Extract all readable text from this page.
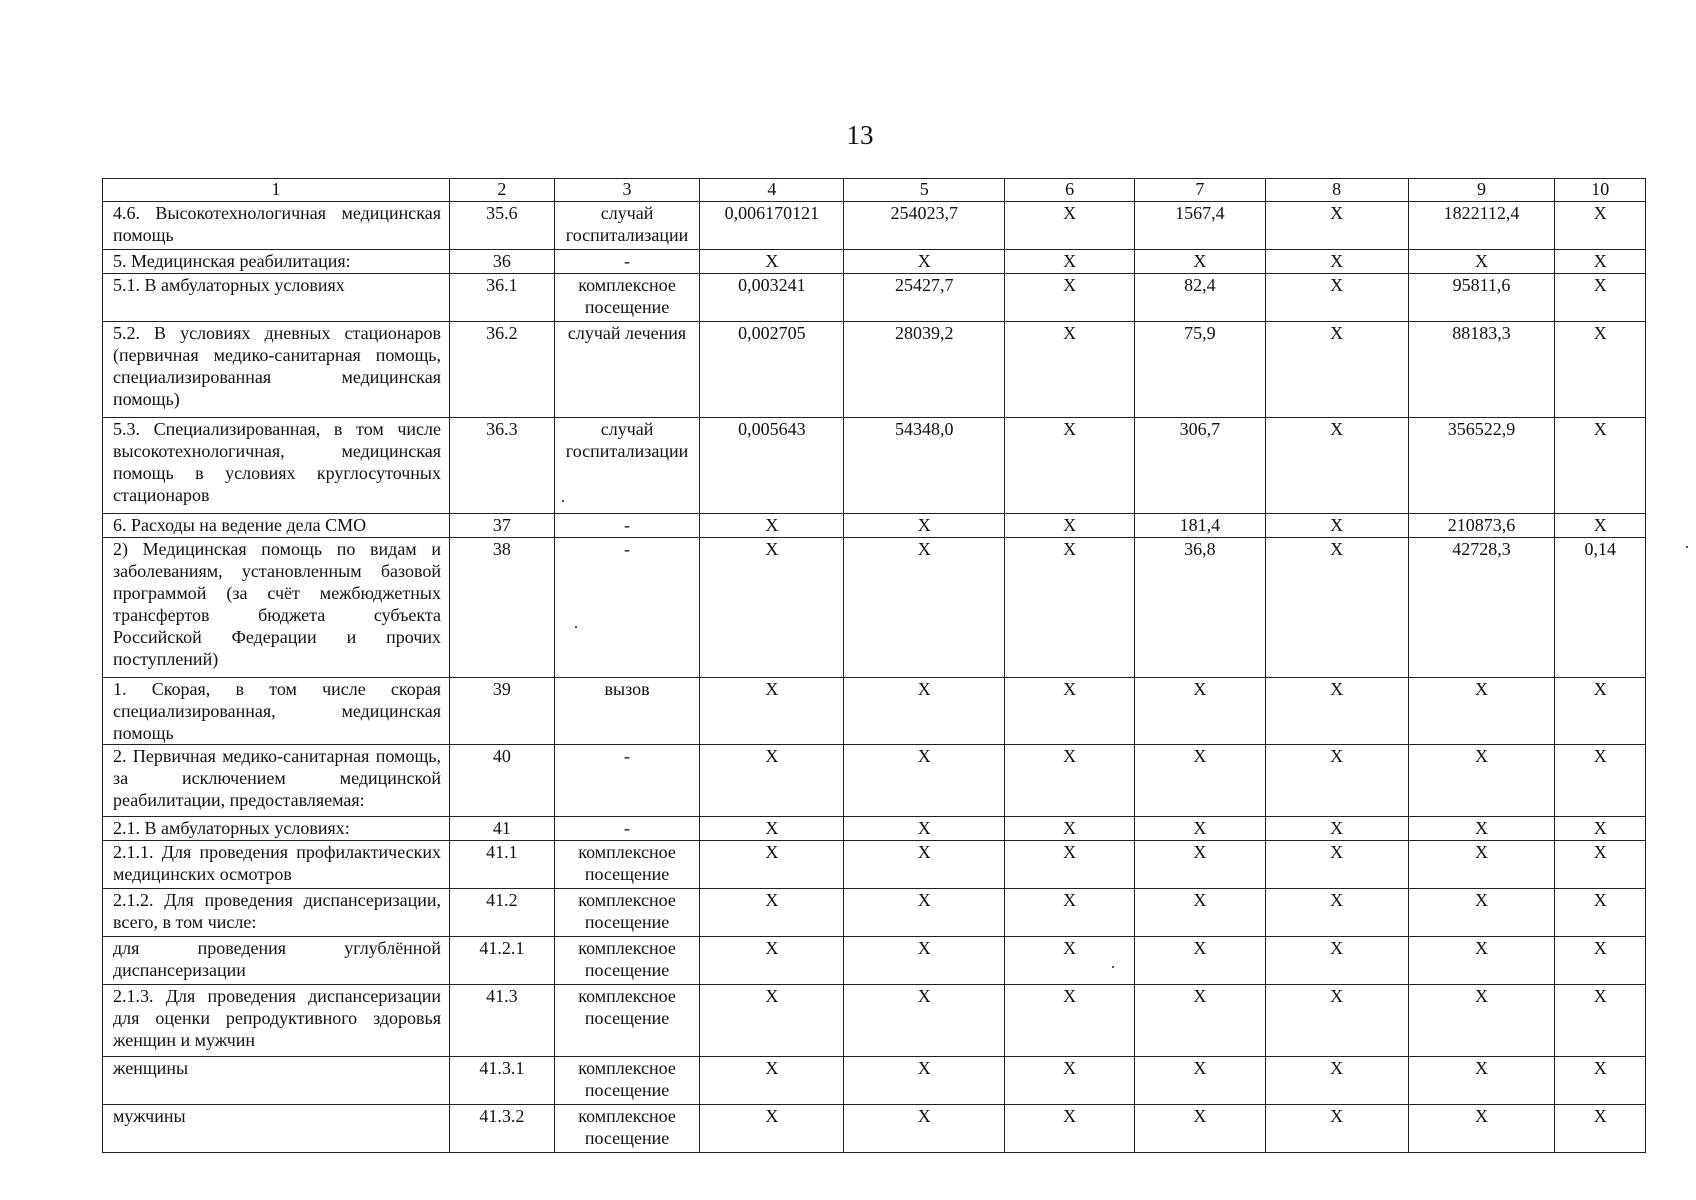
13
1	2	3	4	5	6	7	8	9	10
4.6. Высокотехнологичная медицинская помощь	35.6	случай госпитализации	0,006170121	254023,7	Х	1567,4	Х	1822112,4	Х
5. Медицинская реабилитация:	36	-	Х	Х	Х	Х	Х	Х	Х
5.1. В амбулаторных условиях	36.1	комплексное посещение	0,003241	25427,7	Х	82,4	Х	95811,6	Х
5.2. В условиях дневных стационаров (первичная медико-санитарная помощь, специализированная медицинская помощь)	36.2	случай лечения	0,002705	28039,2	Х	75,9	Х	88183,3	Х
5.3. Специализированная, в том числе высокотехнологичная, медицинская помощь в условиях круглосуточных стационаров	36.3	случай госпитализации	0,005643	54348,0	Х	306,7	Х	356522,9	Х
6. Расходы на ведение дела СМО	37	-	Х	Х	Х	181,4	Х	210873,6	Х
2) Медицинская помощь по видам и заболеваниям, установленным базовой программой (за счёт межбюджетных трансфертов бюджета субъекта Российской Федерации и прочих поступлений)	38	-	Х	Х	Х	36,8	Х	42728,3	0,14
1. Скорая, в том числе скорая специализированная, медицинская помощь	39	вызов	Х	Х	Х	Х	Х	Х	Х
2. Первичная медико-санитарная помощь, за исключением медицинской реабилитации, предоставляемая:	40	-	Х	Х	Х	Х	Х	Х	Х
2.1. В амбулаторных условиях:	41	-	Х	Х	Х	Х	Х	Х	Х
2.1.1. Для проведения профилактических медицинских осмотров	41.1	комплексное посещение	Х	Х	Х	Х	Х	Х	Х
2.1.2. Для проведения диспансеризации, всего, в том числе:	41.2	комплексное посещение	Х	Х	Х	Х	Х	Х	Х
для проведения углублённой диспансеризации	41.2.1	комплексное посещение	Х	Х	Х	Х	Х	Х	Х
2.1.3. Для проведения диспансеризации для оценки репродуктивного здоровья женщин и мужчин	41.3	комплексное посещение	Х	Х	Х	Х	Х	Х	Х
женщины	41.3.1	комплексное посещение	Х	Х	Х	Х	Х	Х	Х
мужчины	41.3.2	комплексное посещение	Х	Х	Х	Х	Х	Х	Х
